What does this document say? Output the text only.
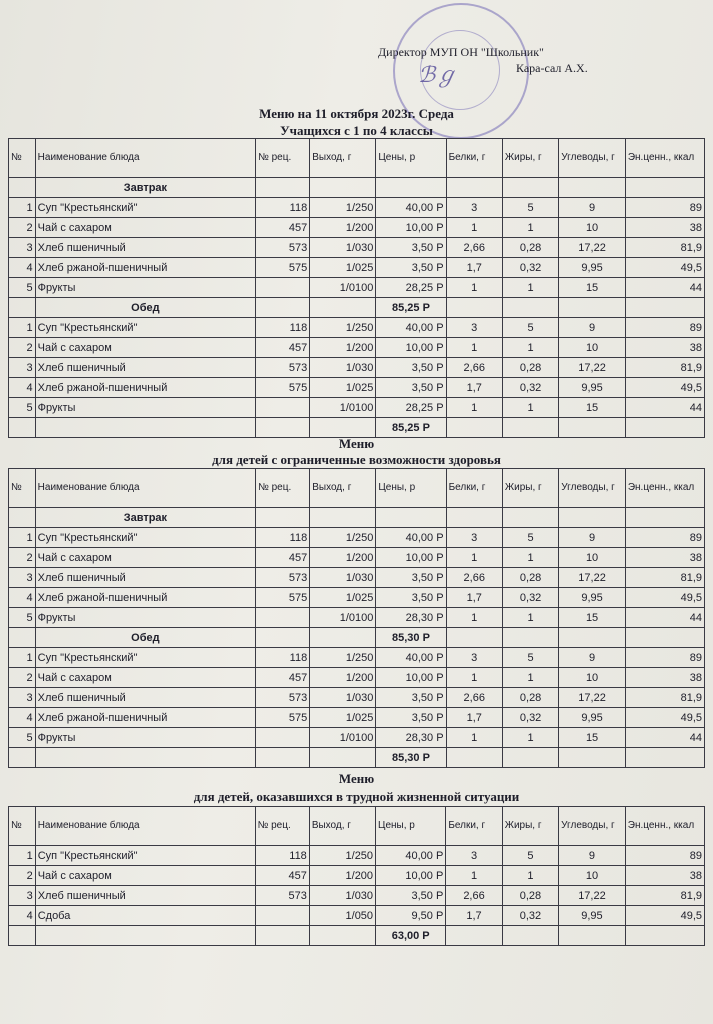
ℬℊ
Директор МУП ОН "Школьник"
Кара-сал А.Х.
Меню на 11 октября 2023г. Среда
Учащихся с 1 по 4 классы
№	Наименование блюда	№ рец.	Выход, г	Цены, р	Белки, г	Жиры, г	Углеводы, г	Эн.ценн., ккал
	Завтрак							
1	Суп "Крестьянский"	118	1/250	40,00 Р	3	5	9	89
2	Чай с сахаром	457	1/200	10,00 Р	1	1	10	38
3	Хлеб пшеничный	573	1/030	3,50 Р	2,66	0,28	17,22	81,9
4	Хлеб ржаной-пшеничный	575	1/025	3,50 Р	1,7	0,32	9,95	49,5
5	Фрукты		1/0100	28,25 Р	1	1	15	44
	Обед			85,25 Р				
1	Суп "Крестьянский"	118	1/250	40,00 Р	3	5	9	89
2	Чай с сахаром	457	1/200	10,00 Р	1	1	10	38
3	Хлеб пшеничный	573	1/030	3,50 Р	2,66	0,28	17,22	81,9
4	Хлеб ржаной-пшеничный	575	1/025	3,50 Р	1,7	0,32	9,95	49,5
5	Фрукты		1/0100	28,25 Р	1	1	15	44
				85,25 Р				
Меню
для детей с ограниченные возможности здоровья
№	Наименование блюда	№ рец.	Выход, г	Цены, р	Белки, г	Жиры, г	Углеводы, г	Эн.ценн., ккал
	Завтрак							
1	Суп "Крестьянский"	118	1/250	40,00 Р	3	5	9	89
2	Чай с сахаром	457	1/200	10,00 Р	1	1	10	38
3	Хлеб пшеничный	573	1/030	3,50 Р	2,66	0,28	17,22	81,9
4	Хлеб ржаной-пшеничный	575	1/025	3,50 Р	1,7	0,32	9,95	49,5
5	Фрукты		1/0100	28,30 Р	1	1	15	44
	Обед			85,30 Р				
1	Суп "Крестьянский"	118	1/250	40,00 Р	3	5	9	89
2	Чай с сахаром	457	1/200	10,00 Р	1	1	10	38
3	Хлеб пшеничный	573	1/030	3,50 Р	2,66	0,28	17,22	81,9
4	Хлеб ржаной-пшеничный	575	1/025	3,50 Р	1,7	0,32	9,95	49,5
5	Фрукты		1/0100	28,30 Р	1	1	15	44
				85,30 Р				
Меню
для детей, оказавшихся в трудной жизненной ситуации
№	Наименование блюда	№ рец.	Выход, г	Цены, р	Белки, г	Жиры, г	Углеводы, г	Эн.ценн., ккал
1	Суп "Крестьянский"	118	1/250	40,00 Р	3	5	9	89
2	Чай с сахаром	457	1/200	10,00 Р	1	1	10	38
3	Хлеб пшеничный	573	1/030	3,50 Р	2,66	0,28	17,22	81,9
4	Сдоба		1/050	9,50 Р	1,7	0,32	9,95	49,5
				63,00 Р				
